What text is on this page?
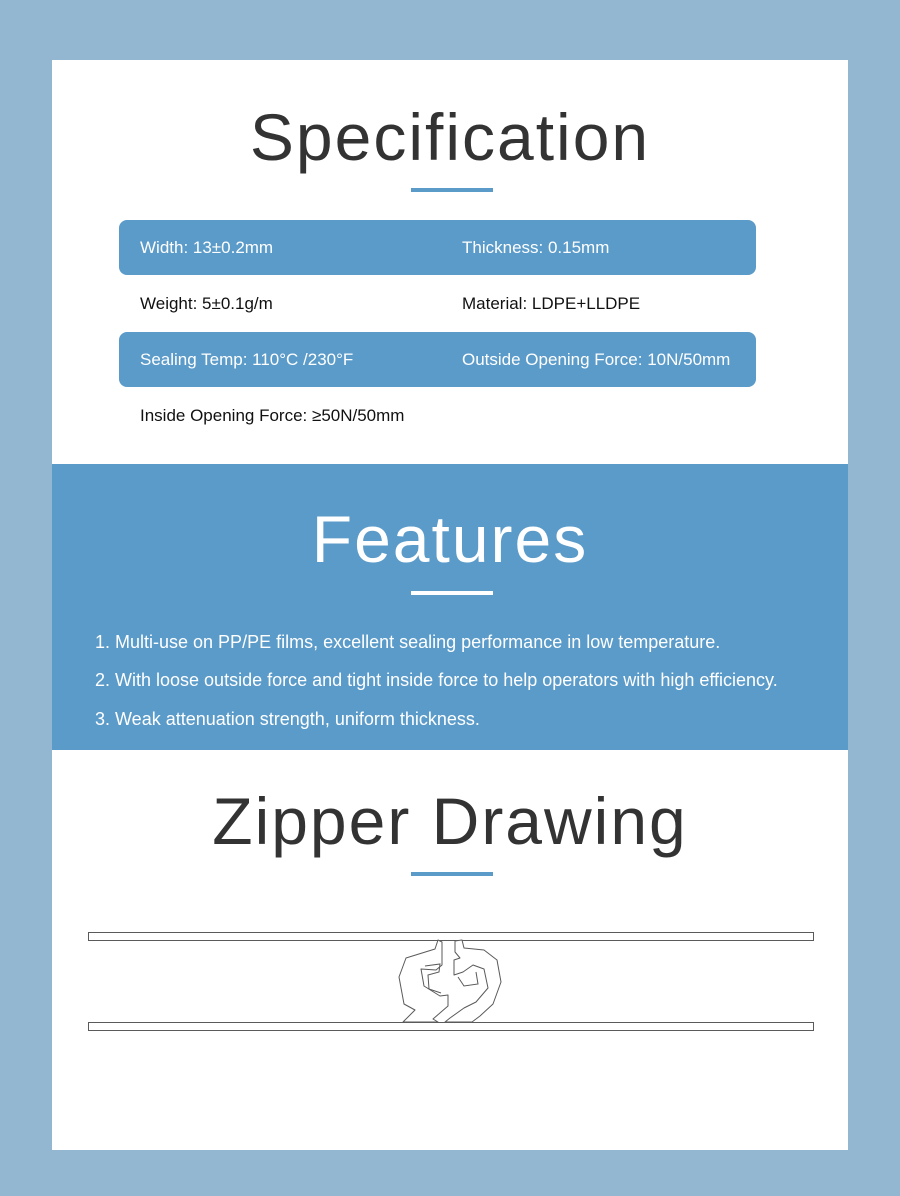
Specification
Width: 13±0.2mm	Thickness: 0.15mm
Weight: 5±0.1g/m	Material: LDPE+LLDPE
Sealing Temp: 110°C /230°F	Outside Opening Force: 10N/50mm
Inside Opening Force: ≥50N/50mm
Features
1. Multi-use on PP/PE films, excellent sealing performance in low temperature.
2. With loose outside force and tight inside force to help operators with high efficiency.
3. Weak attenuation strength, uniform thickness.
Zipper Drawing
